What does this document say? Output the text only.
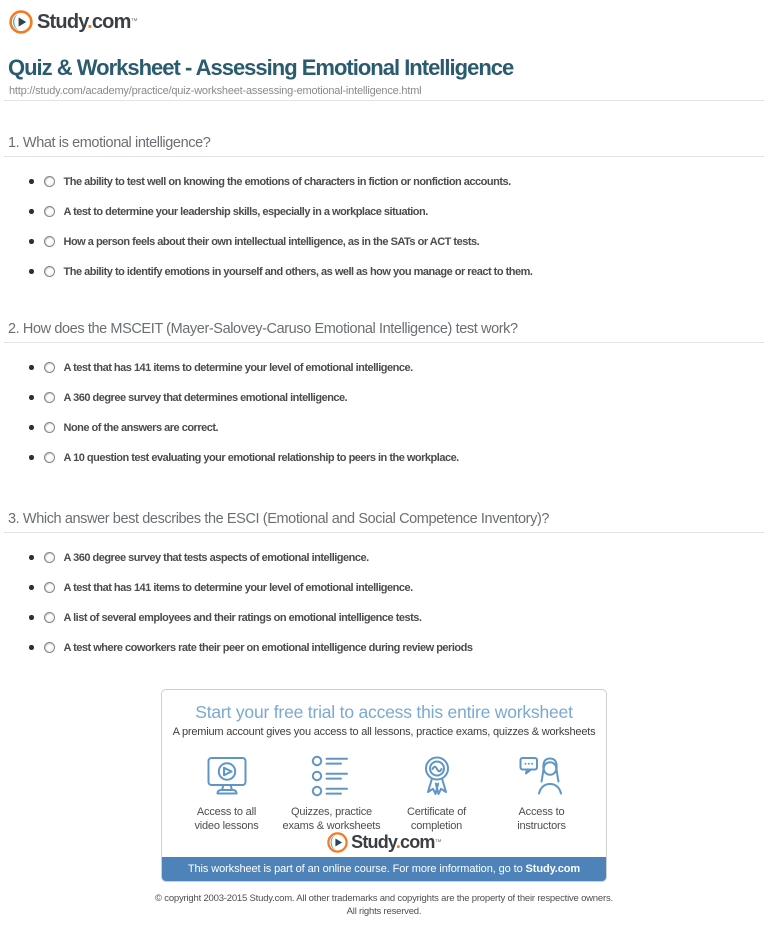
Study.com™
Quiz & Worksheet - Assessing Emotional Intelligence
http://study.com/academy/practice/quiz-worksheet-assessing-emotional-intelligence.html
1. What is emotional intelligence?
The ability to test well on knowing the emotions of characters in fiction or nonfiction accounts.
A test to determine your leadership skills, especially in a workplace situation.
How a person feels about their own intellectual intelligence, as in the SATs or ACT tests.
The ability to identify emotions in yourself and others, as well as how you manage or react to them.
2. How does the MSCEIT (Mayer-Salovey-Caruso Emotional Intelligence) test work?
A test that has 141 items to determine your level of emotional intelligence.
A 360 degree survey that determines emotional intelligence.
None of the answers are correct.
A 10 question test evaluating your emotional relationship to peers in the workplace.
3. Which answer best describes the ESCI (Emotional and Social Competence Inventory)?
A 360 degree survey that tests aspects of emotional intelligence.
A test that has 141 items to determine your level of emotional intelligence.
A list of several employees and their ratings on emotional intelligence tests.
A test where coworkers rate their peer on emotional intelligence during review periods
Start your free trial to access this entire worksheet
A premium account gives you access to all lessons, practice exams, quizzes & worksheets
Access to all
video lessons
Quizzes, practice
exams & worksheets
Certificate of
completion
Access to
instructors
Study.com™
This worksheet is part of an online course. For more information, go to Study.com
© copyright 2003-2015 Study.com. All other trademarks and copyrights are the property of their respective owners.
All rights reserved.
